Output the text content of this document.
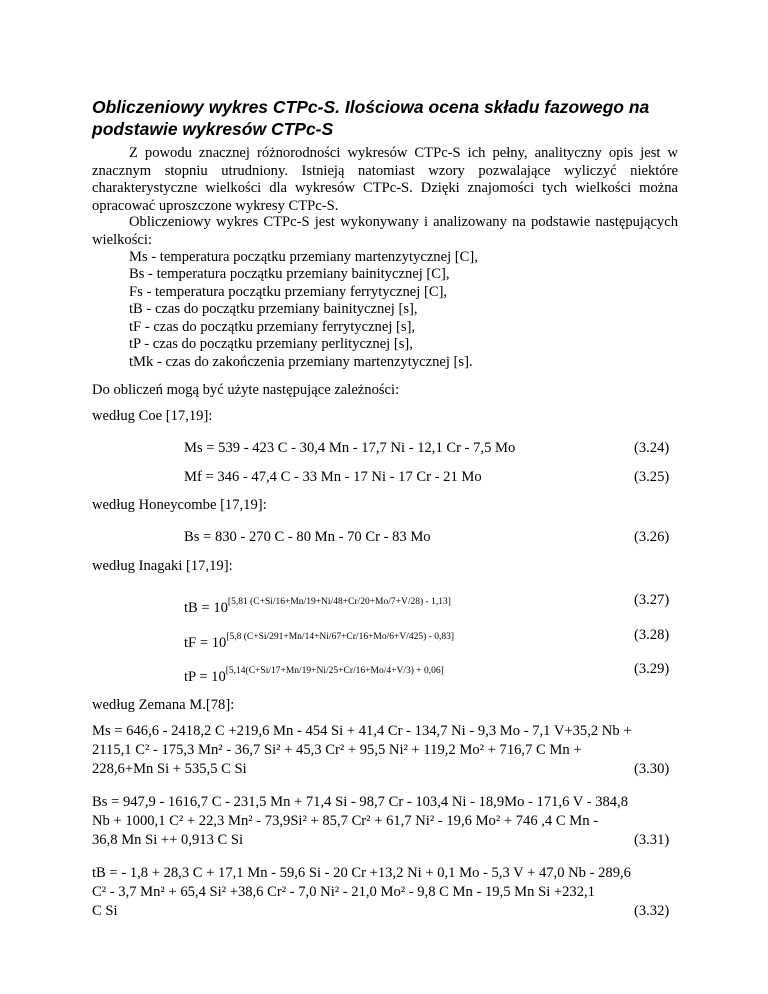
Obliczeniowy wykres CTPc-S. Ilościowa ocena składu fazowego na podstawie wykresów CTPc-S

Z powodu znacznej różnorodności wykresów CTPc-S ich pełny, analityczny opis jest w znacznym stopniu utrudniony. Istnieją natomiast wzory pozwalające wyliczyć niektóre charakterystyczne wielkości dla wykresów CTPc-S. Dzięki znajomości tych wielkości można opracować uproszczone wykresy CTPc-S.

Obliczeniowy wykres CTPc-S jest wykonywany i analizowany na podstawie następujących wielkości:

Ms - temperatura początku przemiany martenzytycznej [C],
Bs - temperatura początku przemiany bainitycznej [C],
Fs - temperatura początku przemiany ferrytycznej [C],
tB - czas do początku przemiany bainitycznej [s],
tF - czas do początku przemiany ferrytycznej [s],
tP - czas do początku przemiany perlitycznej [s],
tMk - czas do zakończenia przemiany martenzytycznej [s].
Do obliczeń mogą być użyte następujące zależności:
według Coe [17,19]:
Ms = 539 - 423 C - 30,4 Mn - 17,7 Ni - 12,1 Cr - 7,5 Mo	(3.24)
Mf = 346 - 47,4 C - 33 Mn - 17 Ni - 17 Cr - 21 Mo	(3.25)
według Honeycombe [17,19]:
Bs = 830 - 270 C - 80 Mn - 70 Cr - 83 Mo	(3.26)
według Inagaki [17,19]:
tB = 10[5,81 (C+Si/16+Mn/19+Ni/48+Cr/20+Mo/7+V/28) - 1,13]	(3.27)
tF = 10[5,8 (C+Si/291+Mn/14+Ni/67+Cr/16+Mo/6+V/425) - 0,83]	(3.28)
tP = 10[5,14(C+Si/17+Mn/19+Ni/25+Cr/16+Mo/4+V/3) + 0,06]	(3.29)
według Zemana M.[78]:
Ms = 646,6 - 2418,2 C +219,6 Mn - 454 Si + 41,4 Cr - 134,7 Ni - 9,3 Mo - 7,1 V+35,2 Nb +
2115,1 C² - 175,3 Mn² - 36,7 Si² + 45,3 Cr² + 95,5 Ni² + 119,2 Mo² + 716,7 C Mn +
228,6+Mn Si + 535,5 C Si	(3.30)
Bs = 947,9 - 1616,7 C - 231,5 Mn + 71,4 Si - 98,7 Cr - 103,4 Ni - 18,9Mo - 171,6 V - 384,8
Nb + 1000,1 C² + 22,3 Mn² - 73,9Si² + 85,7 Cr² + 61,7 Ni² - 19,6 Mo² + 746 ,4 C Mn -
36,8 Mn Si ++ 0,913 C Si	(3.31)
tB = - 1,8 + 28,3 C + 17,1 Mn - 59,6 Si - 20 Cr +13,2 Ni + 0,1 Mo - 5,3 V + 47,0 Nb - 289,6
C² - 3,7 Mn² + 65,4 Si² +38,6 Cr² - 7,0 Ni² - 21,0 Mo² - 9,8 C Mn - 19,5 Mn Si +232,1
C Si	(3.32)
